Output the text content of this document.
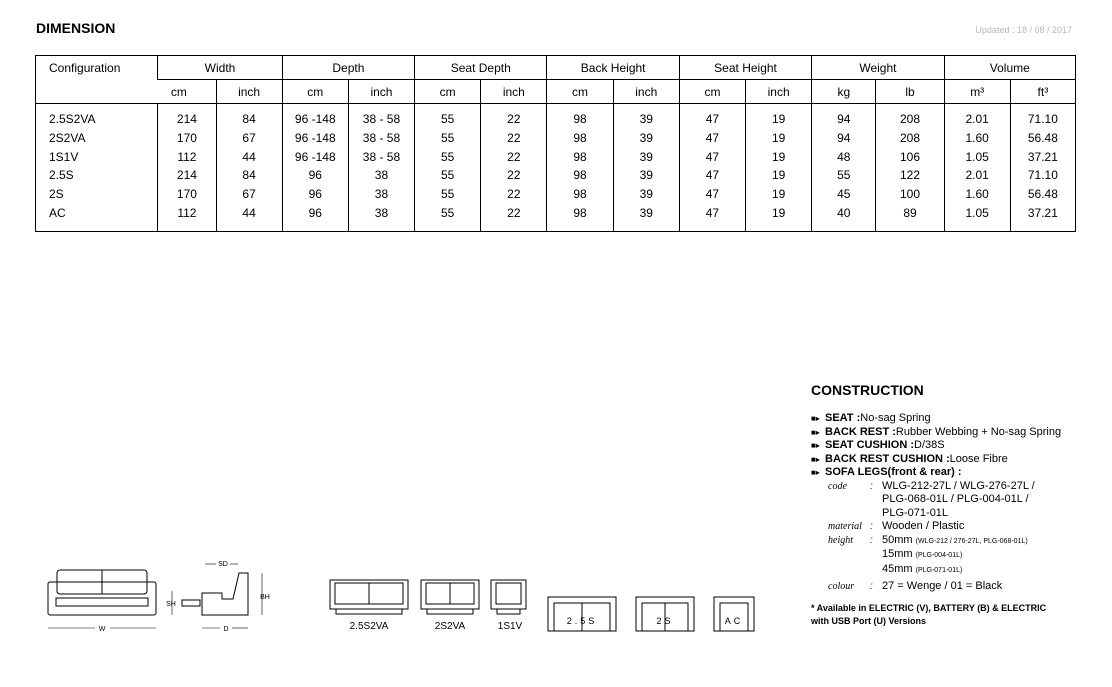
DIMENSION	Updated : 18 / 08 / 2017
Configuration	Width		Depth		Seat Depth		Back Height		Seat Height		Weight		Volume	
	cm	inch	cm	inch	cm	inch	cm	inch	cm	inch	kg	lb	m³	ft³

2.5S2VA	214	84	96 -148	38 - 58	55	22	98	39	47	19	94	208	2.01	71.10
2S2VA	170	67	96 -148	38 - 58	55	22	98	39	47	19	94	208	1.60	56.48
1S1V	112	44	96 -148	38 - 58	55	22	98	39	47	19	48	106	1.05	37.21
2.5S	214	84	96	38	55	22	98	39	47	19	55	122	2.01	71.10
2S	170	67	96	38	55	22	98	39	47	19	45	100	1.60	56.48
AC	112	44	96	38	55	22	98	39	47	19	40	89	1.05	37.21

CONSTRUCTION
■▸ SEAT : No-sag Spring
■▸ BACK REST : Rubber Webbing + No-sag Spring
■▸ SEAT CUSHION : D/38S
■▸ BACK REST CUSHION : Loose Fibre
■▸ SOFA LEGS (front & rear) :
code	: WLG-212-27L / WLG-276-27L /
PLG-068-01L / PLG-004-01L /
PLG-071-01L
material : Wooden / Plastic
height	: 50mm (WLG-212 / 276-27L, PLG-068-01L)
15mm (PLG-004-01L)
45mm (PLG-071-01L)
colour	: 27 = Wenge / 01 = Black
* Available in ELECTRIC (V), BATTERY (B) & ELECTRIC
with USB Port (U) Versions
W
SD
SH
BH
D	2.5S2VA	2S2VA	1S1V	2.5S	2S	AC
